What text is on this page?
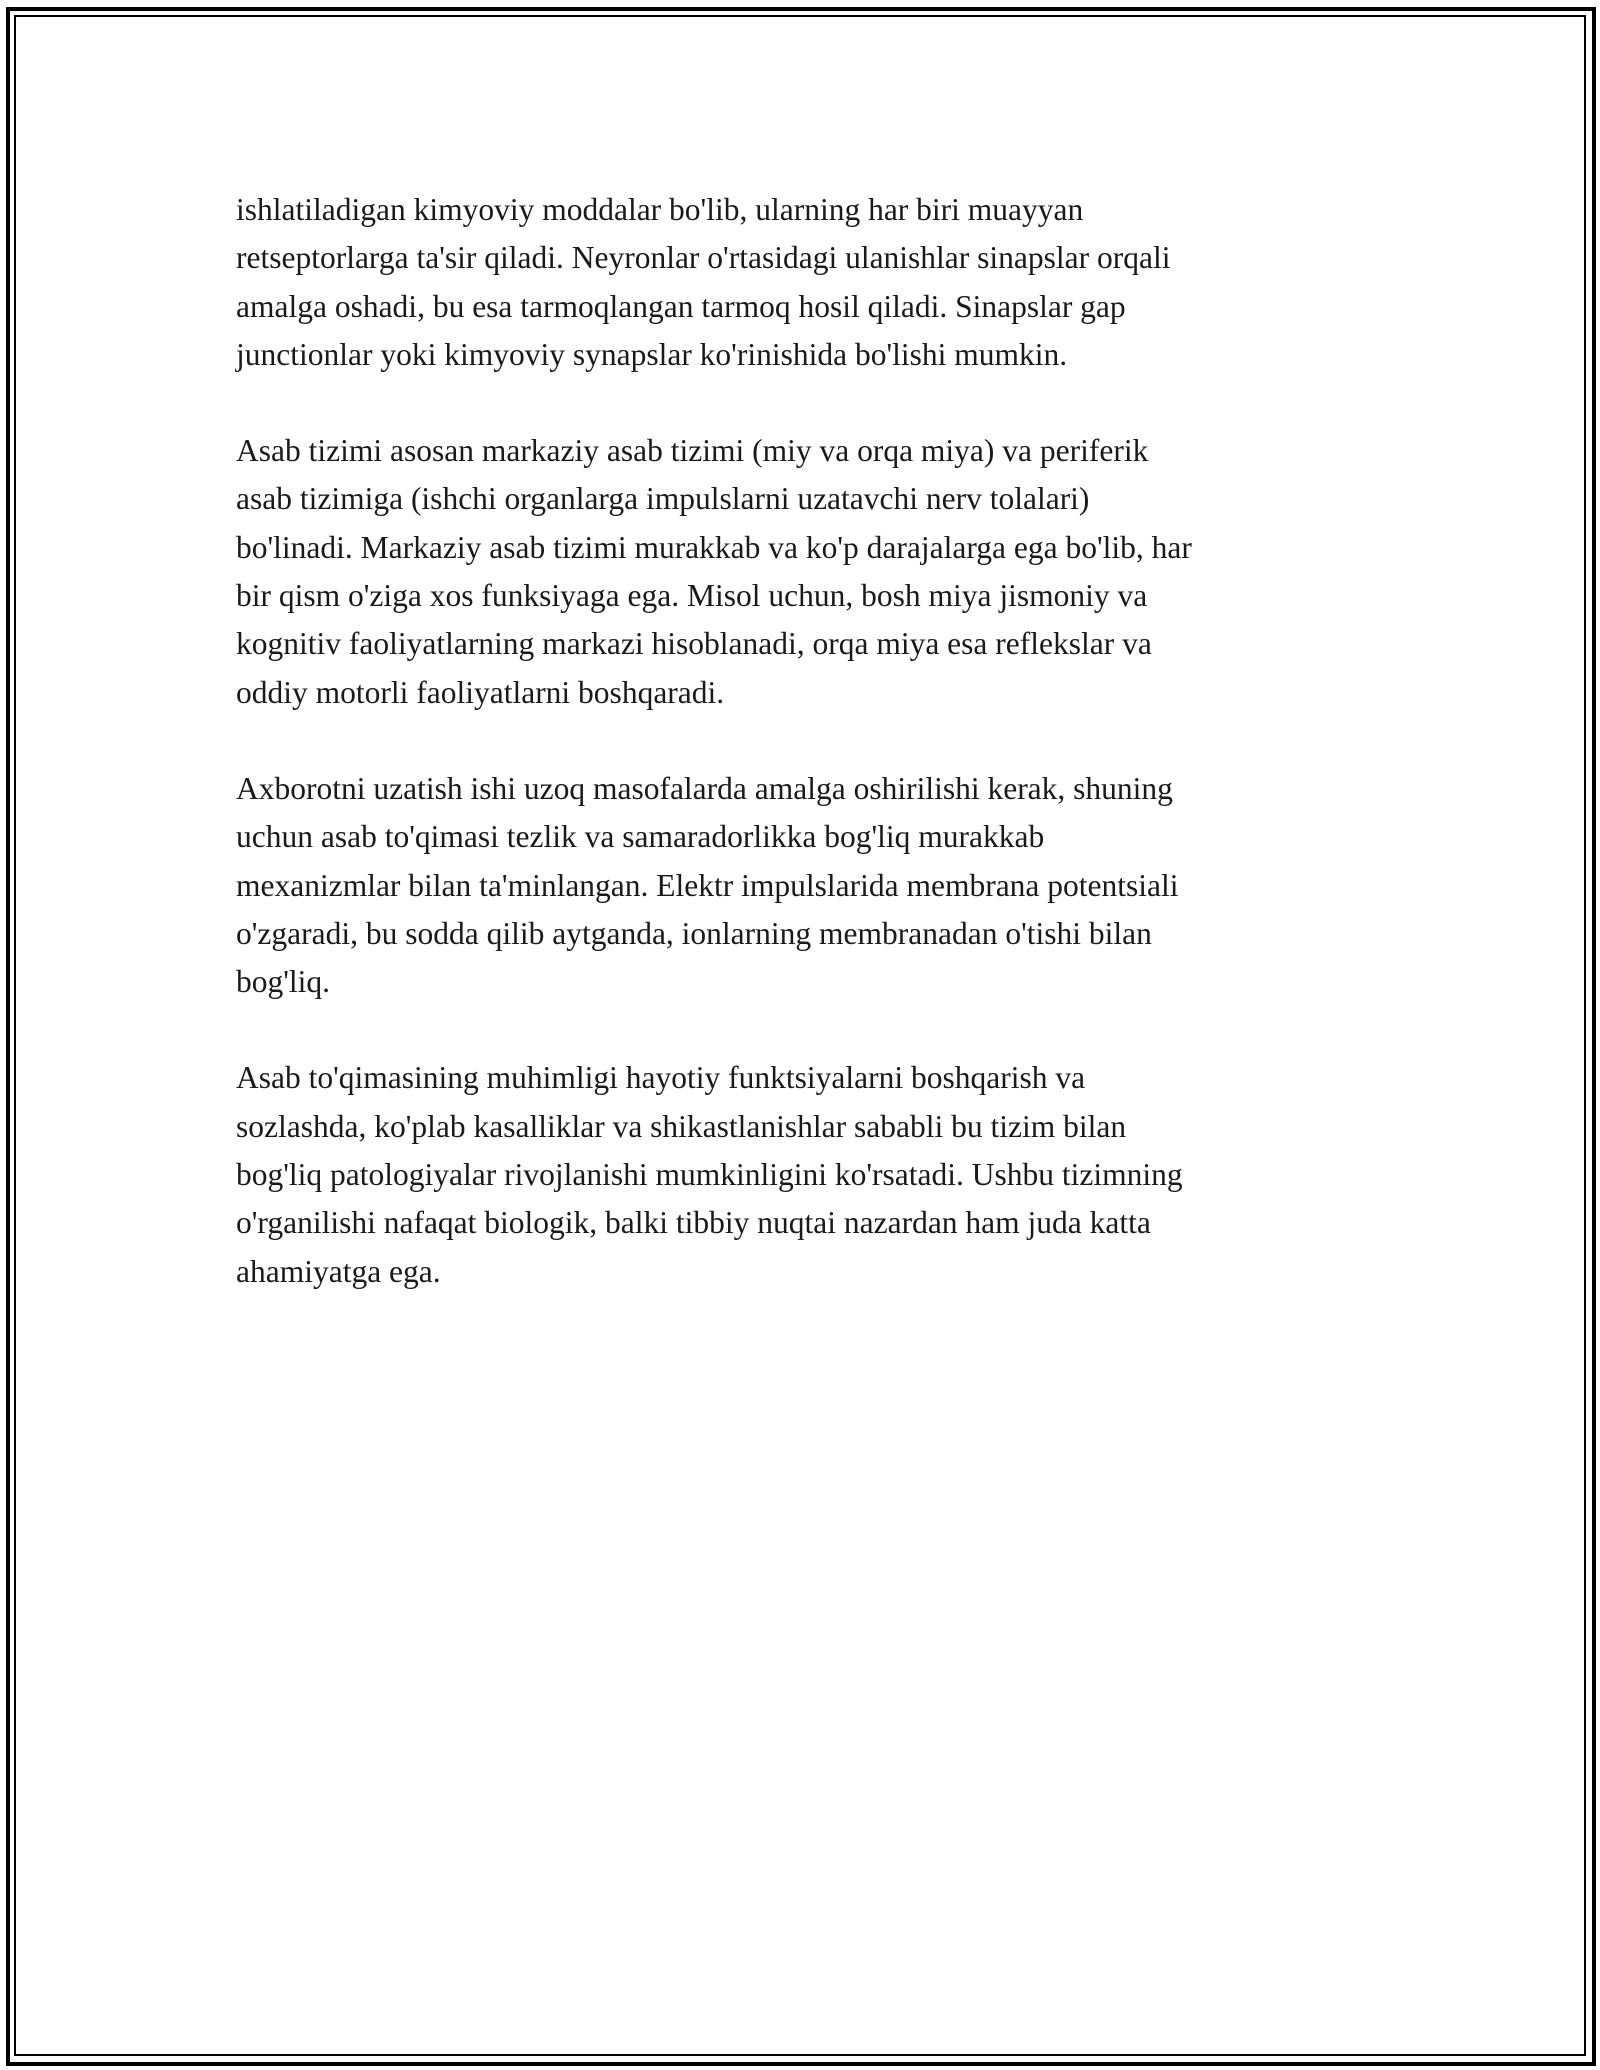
ishlatiladigan kimyoviy moddalar bo'lib, ularning har biri muayyan
retseptorlarga ta'sir qiladi. Neyronlar o'rtasidagi ulanishlar sinapslar orqali
amalga oshadi, bu esa tarmoqlangan tarmoq hosil qiladi. Sinapslar gap
junctionlar yoki kimyoviy synapslar ko'rinishida bo'lishi mumkin.

Asab tizimi asosan markaziy asab tizimi (miy va orqa miya) va periferik
asab tizimiga (ishchi organlarga impulslarni uzatavchi nerv tolalari)
bo'linadi. Markaziy asab tizimi murakkab va ko'p darajalarga ega bo'lib, har
bir qism o'ziga xos funksiyaga ega. Misol uchun, bosh miya jismoniy va
kognitiv faoliyatlarning markazi hisoblanadi, orqa miya esa reflekslar va
oddiy motorli faoliyatlarni boshqaradi.

Axborotni uzatish ishi uzoq masofalarda amalga oshirilishi kerak, shuning
uchun asab to'qimasi tezlik va samaradorlikka bog'liq murakkab
mexanizmlar bilan ta'minlangan. Elektr impulslarida membrana potentsiali
o'zgaradi, bu sodda qilib aytganda, ionlarning membranadan o'tishi bilan
bog'liq.

Asab to'qimasining muhimligi hayotiy funktsiyalarni boshqarish va
sozlashda, ko'plab kasalliklar va shikastlanishlar sababli bu tizim bilan
bog'liq patologiyalar rivojlanishi mumkinligini ko'rsatadi. Ushbu tizimning
o'rganilishi nafaqat biologik, balki tibbiy nuqtai nazardan ham juda katta
ahamiyatga ega.
